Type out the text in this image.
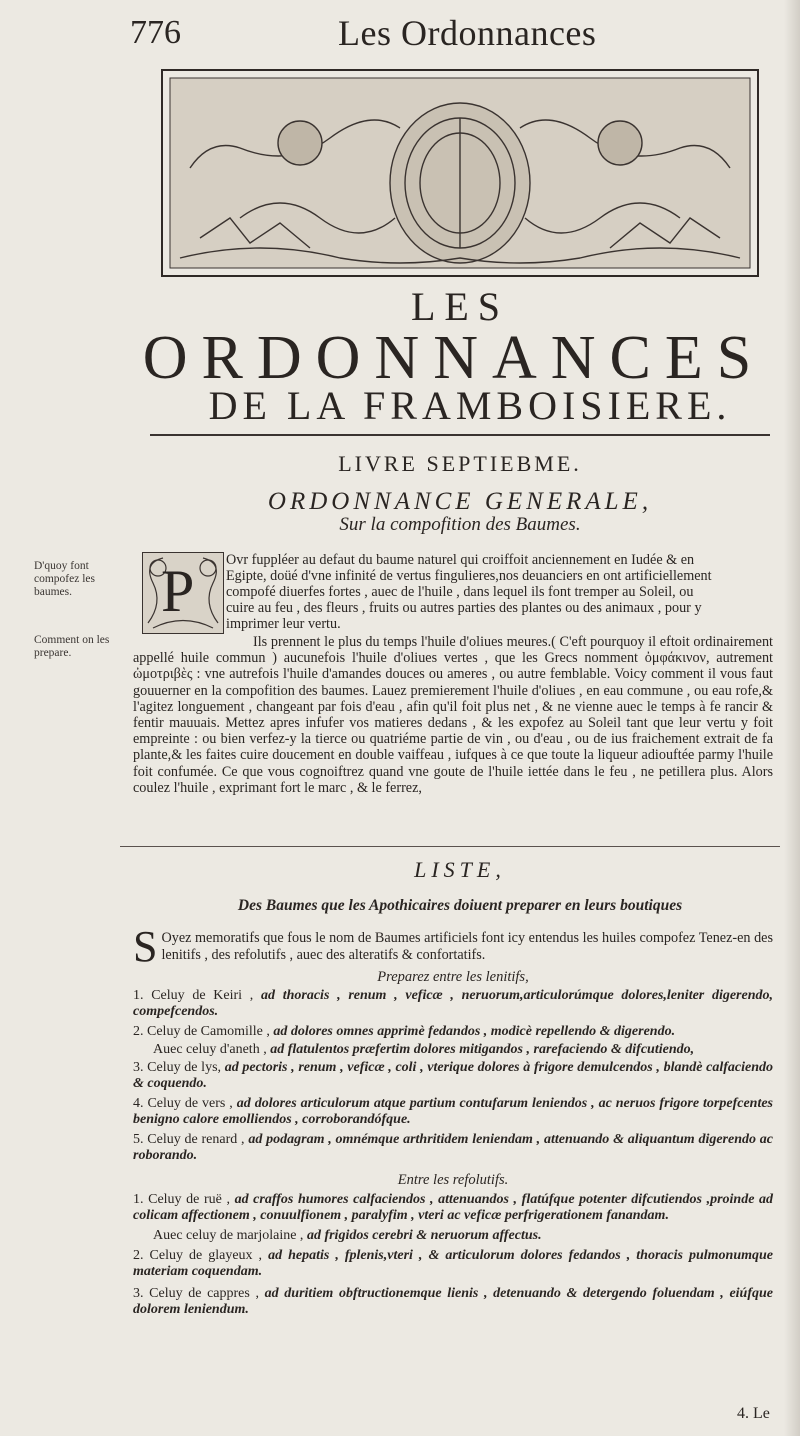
776	Les Ordonnances
LES
ORDONNANCES
DE LA FRAMBOISIERE.
LIVRE SEPTIEBME.
ORDONNANCE GENERALE,
Sur la compofition des Baumes.
D'quoy font compofez les baumes.
Comment on les prepare.
P Ovr fuppléer au defaut du baume naturel qui croiffoit anciennement en Iudée & en
Egipte, doüé d'vne infinité de vertus fingulieres,nos deuanciers en ont artificiellement
compofé diuerfes fortes , auec de l'huile , dans lequel ils font tremper au Soleil, ou
cuire au feu , des fleurs , fruits ou autres parties des plantes ou des animaux , pour y
imprimer leur vertu.
Ils prennent le plus du temps l'huile d'oliues meures.( C'eft pourquoy il eftoit ordinairement appellé huile commun ) aucunefois l'huile d'oliues vertes , que les Grecs nomment ὀμφάκινον, autrement ὠμοτριβὲς : vne autrefois l'huile d'amandes douces ou ameres , ou autre femblable. Voicy comment il vous faut gouuerner en la compofition des baumes. Lauez premierement l'huile d'oliues , en eau commune , ou eau rofe,& l'agitez longuement , changeant par fois d'eau , afin qu'il foit plus net , & ne vienne auec le temps à fe rancir & fentir mauuais. Mettez apres infufer vos matieres dedans , & les expofez au Soleil tant que leur vertu y foit empreinte : ou bien verfez-y la tierce ou quatriéme partie de vin , ou d'eau , ou de ius fraichement extrait de fa plante,& les faites cuire doucement en double vaiffeau , iufques à ce que toute la liqueur adiouftée parmy l'huile foit confumée. Ce que vous cognoiftrez quand vne goute de l'huile iettée dans le feu , ne petillera plus. Alors coulez l'huile , exprimant fort le marc , & le ferrez,
LISTE,
Des Baumes que les Apothicaires doiuent preparer en leurs boutiques
S Oyez memoratifs que fous le nom de Baumes artificiels font icy entendus les huiles compofez Tenez-en des lenitifs , des refolutifs , auec des alteratifs & confortatifs.
Preparez entre les lenitifs,
1. Celuy de Keiri , ad thoracis , renum , veficæ , neruorum,articulorúmque dolores,leniter digerendo, compefcendos.
2. Celuy de Camomille , ad dolores omnes apprimè fedandos , modicè repellendo & digerendo.
Auec celuy d'aneth , ad flatulentos præfertim dolores mitigandos , rarefaciendo & difcutiendo,
3. Celuy de lys, ad pectoris , renum , veficæ , coli , vterique dolores à frigore demulcendos , blandè calfaciendo & coquendo.
4. Celuy de vers , ad dolores articulorum atque partium contufarum leniendos , ac neruos frigore torpefcentes benigno calore emolliendos , corroborandófque.
5. Celuy de renard , ad podagram , omnémque arthritidem leniendam , attenuando & aliquantum digerendo ac roborando.
Entre les refolutifs.
1. Celuy de ruë , ad craffos humores calfaciendos , attenuandos , flatúfque potenter difcutiendos ,proinde ad colicam affectionem , conuulfionem , paralyfim , vteri ac veficæ perfrigerationem fanandam.
Auec celuy de marjolaine , ad frigidos cerebri & neruorum affectus.
2. Celuy de glayeux , ad hepatis , fplenis,vteri , & articulorum dolores fedandos , thoracis pulmonumque materiam coquendam.
3. Celuy de cappres , ad duritiem obftructionemque lienis , detenuando & detergendo foluendam , eiúfque dolorem leniendum.
4. Le
